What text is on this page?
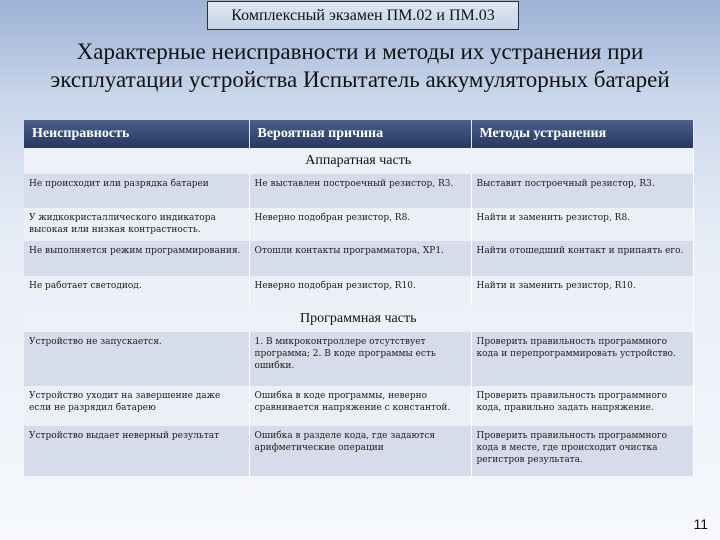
Комплексный экзамен ПМ.02 и ПМ.03
Характерные неисправности и методы их устранения при
эксплуатации устройства Испытатель аккумуляторных батарей
Неисправность	Вероятная причина	Методы устранения
Аппаратная часть		
Не происходит или разрядка батареи	Не выставлен построечный резистор, R3.	Выставит построечный резистор, R3.
У жидкокристаллического индикатора высокая или низкая контрастность.	Неверно подобран резистор, R8.	Найти и заменить резистор, R8.
Не выполняется режим программирования.	Отошли контакты программатора, XP1.	Найти отошедший контакт и припаять его.
Не работает светодиод.	Неверно подобран резистор, R10.	Найти и заменить резистор, R10.
Программная часть		
Устройство не запускается.	1. В микроконтроллере отсутствует программа; 2. В коде программы есть ошибки.	Проверить правильность программного кода и перепрограммировать устройство.
Устройство уходит на завершение даже если не разрядил батарею	Ошибка в коде программы, неверно сравнивается напряжение с константой.	Проверить правильность программного кода, правильно задать напряжение.
Устройство выдает неверный результат	Ошибка в разделе кода, где задаются арифметические операции	Проверить правильность программного кода в месте, где происходит очистка регистров результата.
11
